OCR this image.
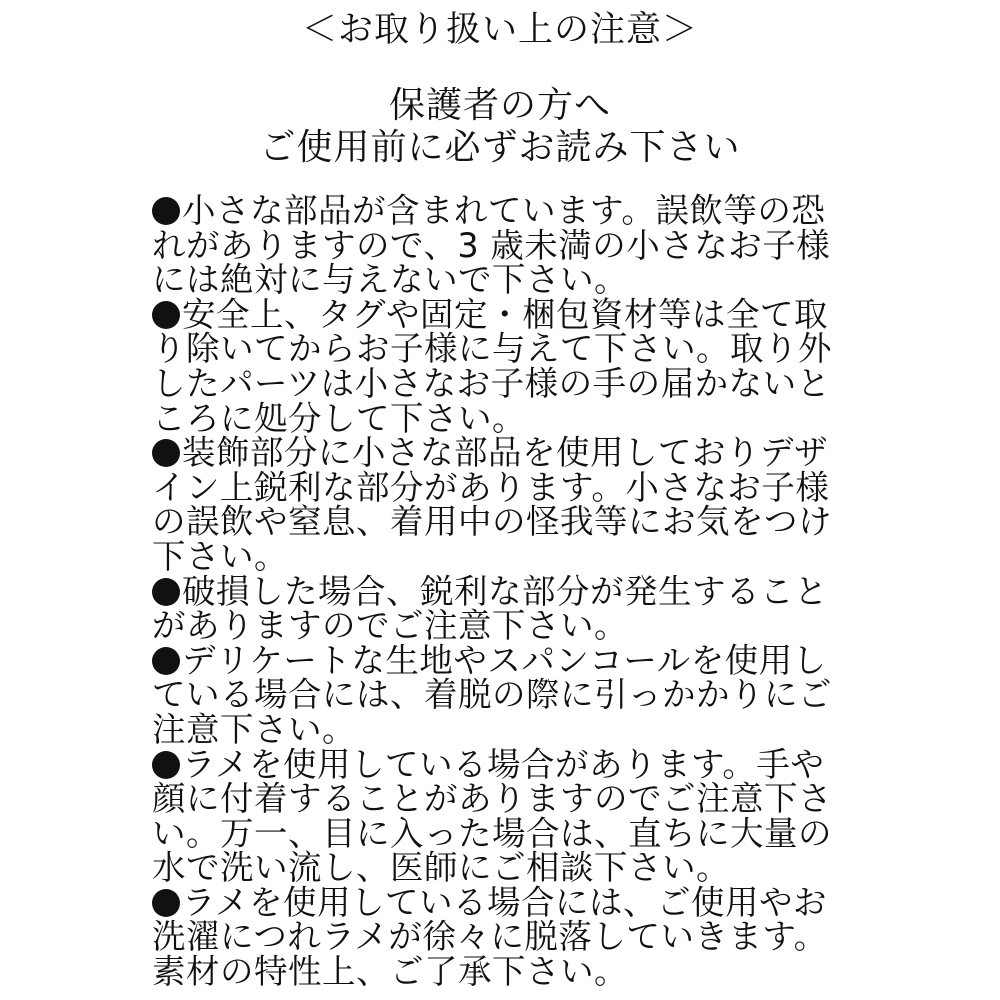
＜お取り扱い上の注意＞
保護者の方へ
ご使用前に必ずお読み下さい
小さな部品が含まれています。誤飲等の恐
れがありますので、3 歳未満の小さなお子様
には絶対に与えないで下さい。
安全上、タグや固定・梱包資材等は全て取
り除いてからお子様に与えて下さい。取り外
したパーツは小さなお子様の手の届かないと
ころに処分して下さい。
装飾部分に小さな部品を使用しておりデザ
イン上鋭利な部分があります。小さなお子様
の誤飲や窒息、着用中の怪我等にお気をつけ
下さい。
破損した場合、鋭利な部分が発生すること
がありますのでご注意下さい。
デリケートな生地やスパンコールを使用し
ている場合には、着脱の際に引っかかりにご
注意下さい。
ラメを使用している場合があります。手や
顔に付着することがありますのでご注意下さ
い。万一、目に入った場合は、直ちに大量の
水で洗い流し、医師にご相談下さい。
ラメを使用している場合には、ご使用やお
洗濯につれラメが徐々に脱落していきます。
素材の特性上、ご了承下さい。
